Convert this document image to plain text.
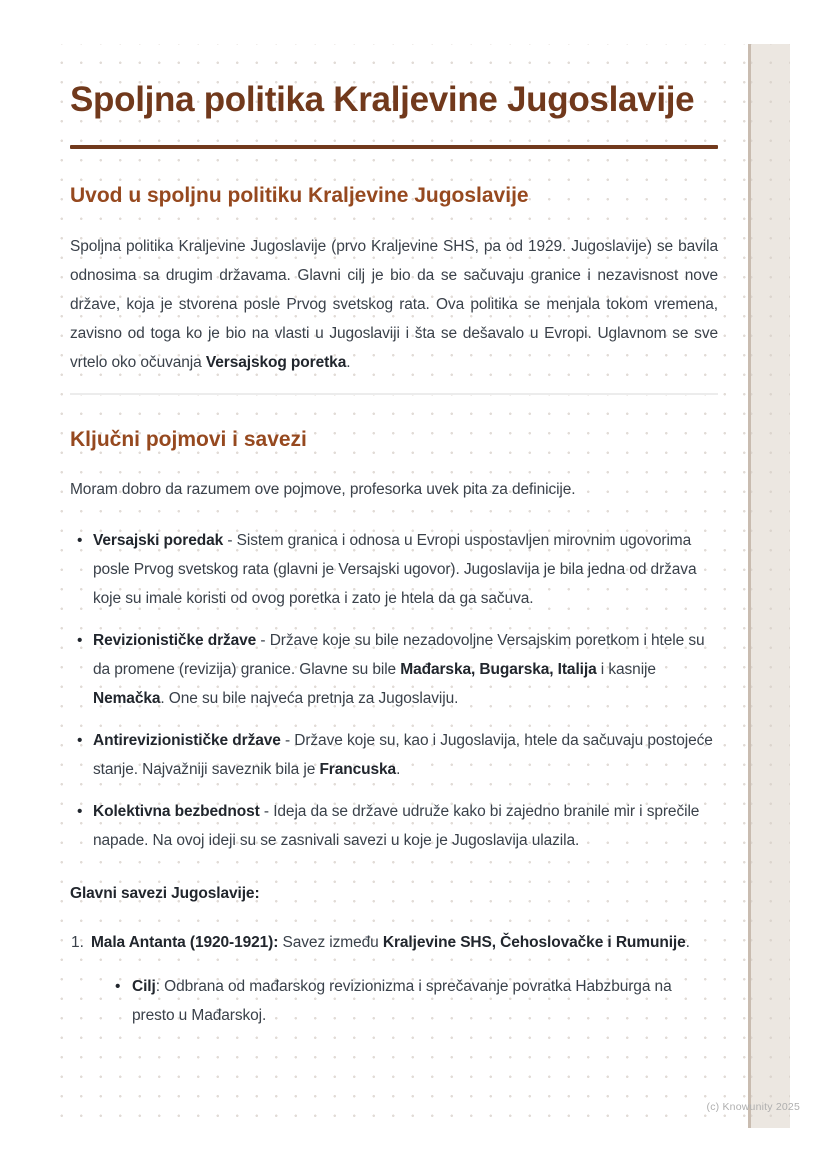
Spoljna politika Kraljevine Jugoslavije
Uvod u spoljnu politiku Kraljevine Jugoslavije

Spoljna politika Kraljevine Jugoslavije (prvo Kraljevine SHS, pa od 1929. Jugoslavije) se bavila odnosima sa drugim državama. Glavni cilj je bio da se sačuvaju granice i nezavisnost nove države, koja je stvorena posle Prvog svetskog rata. Ova politika se menjala tokom vremena, zavisno od toga ko je bio na vlasti u Jugoslaviji i šta se dešavalo u Evropi. Uglavnom se sve vrtelo oko očuvanja Versajskog poretka.

Ključni pojmovi i savezi

Moram dobro da razumem ove pojmove, profesorka uvek pita za definicije.

• Versajski poredak - Sistem granica i odnosa u Evropi uspostavljen mirovnim ugovorima posle Prvog svetskog rata (glavni je Versajski ugovor). Jugoslavija je bila jedna od država koje su imale koristi od ovog poretka i zato je htela da ga sačuva.
• Revizionističke države - Države koje su bile nezadovoljne Versajskim poretkom i htele su da promene (revizija) granice. Glavne su bile Mađarska, Bugarska, Italija i kasnije Nemačka. One su bile najveća pretnja za Jugoslaviju.
• Antirevizionističke države - Države koje su, kao i Jugoslavija, htele da sačuvaju postojeće stanje. Najvažniji saveznik bila je Francuska.
• Kolektivna bezbednost - Ideja da se države udruže kako bi zajedno branile mir i sprečile napade. Na ovoj ideji su se zasnivali savezi u koje je Jugoslavija ulazila.

Glavni savezi Jugoslavije:

Mala Antanta (1920-1921): Savez između Kraljevine SHS, Čehoslovačke i Rumunije.
• Cilj: Odbrana od mađarskog revizionizma i sprečavanje povratka Habzburga na presto u Mađarskoj.
(c) Knowunity 2025
